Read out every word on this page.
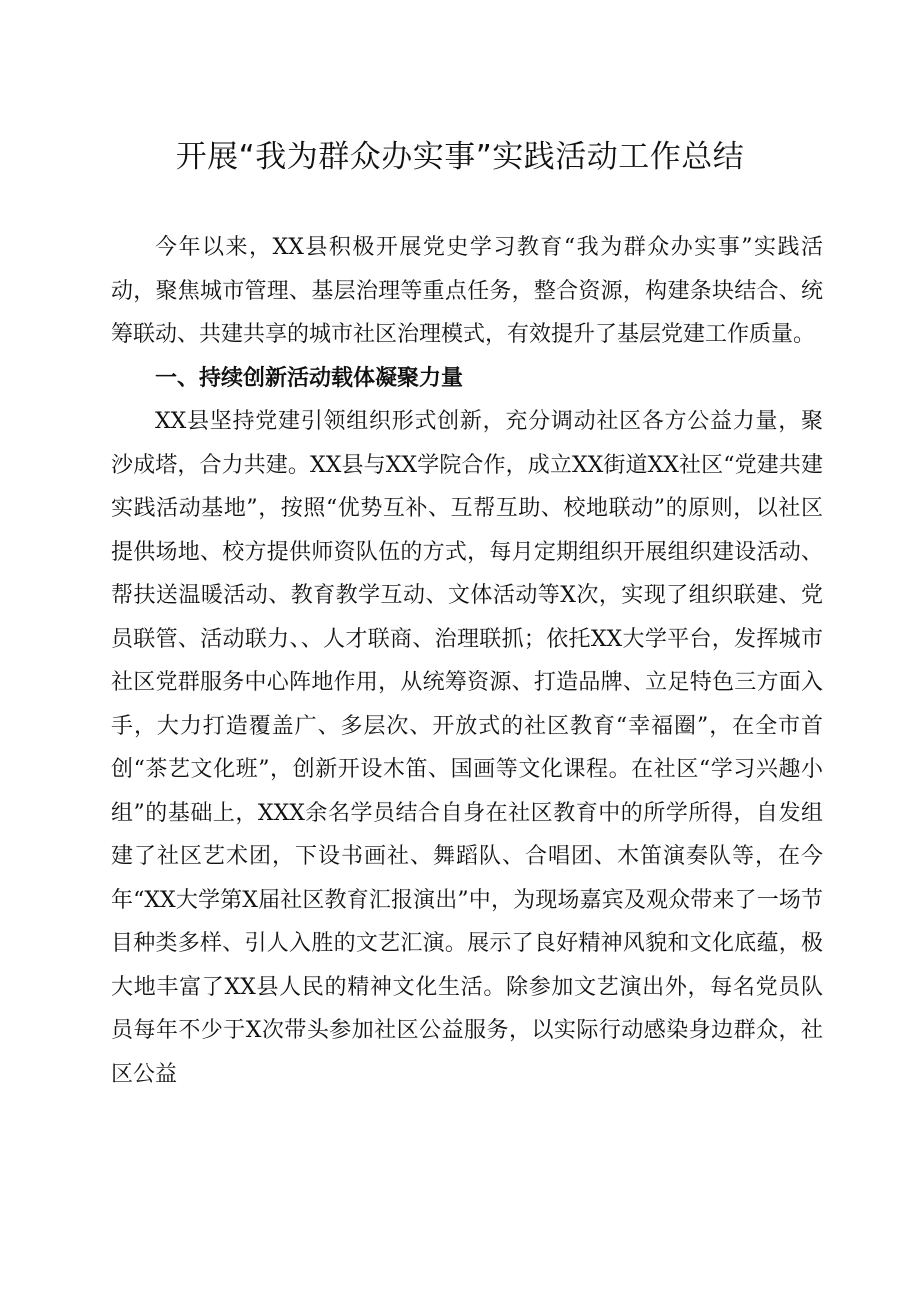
开展“我为群众办实事”实践活动工作总结

今年以来，XX县积极开展党史学习教育“我为群众办实事”实践活动，聚焦城市管理、基层治理等重点任务，整合资源，构建条块结合、统筹联动、共建共享的城市社区治理模式，有效提升了基层党建工作质量。

一、持续创新活动载体凝聚力量

XX县坚持党建引领组织形式创新，充分调动社区各方公益力量，聚沙成塔，合力共建。XX县与XX学院合作，成立XX街道XX社区“党建共建实践活动基地”，按照“优势互补、互帮互助、校地联动”的原则，以社区提供场地、校方提供师资队伍的方式，每月定期组织开展组织建设活动、帮扶送温暖活动、教育教学互动、文体活动等X次，实现了组织联建、党员联管、活动联力、、人才联商、治理联抓；依托XX大学平台，发挥城市社区党群服务中心阵地作用，从统筹资源、打造品牌、立足特色三方面入手，大力打造覆盖广、多层次、开放式的社区教育“幸福圈”，在全市首创“茶艺文化班”，创新开设木笛、国画等文化课程。在社区“学习兴趣小组”的基础上，XXX余名学员结合自身在社区教育中的所学所得，自发组建了社区艺术团，下设书画社、舞蹈队、合唱团、木笛演奏队等，在今年“XX大学第X届社区教育汇报演出”中，为现场嘉宾及观众带来了一场节目种类多样、引人入胜的文艺汇演。展示了良好精神风貌和文化底蕴，极大地丰富了XX县人民的精神文化生活。除参加文艺演出外，每名党员队员每年不少于X次带头参加社区公益服务，以实际行动感染身边群众，社区公益
